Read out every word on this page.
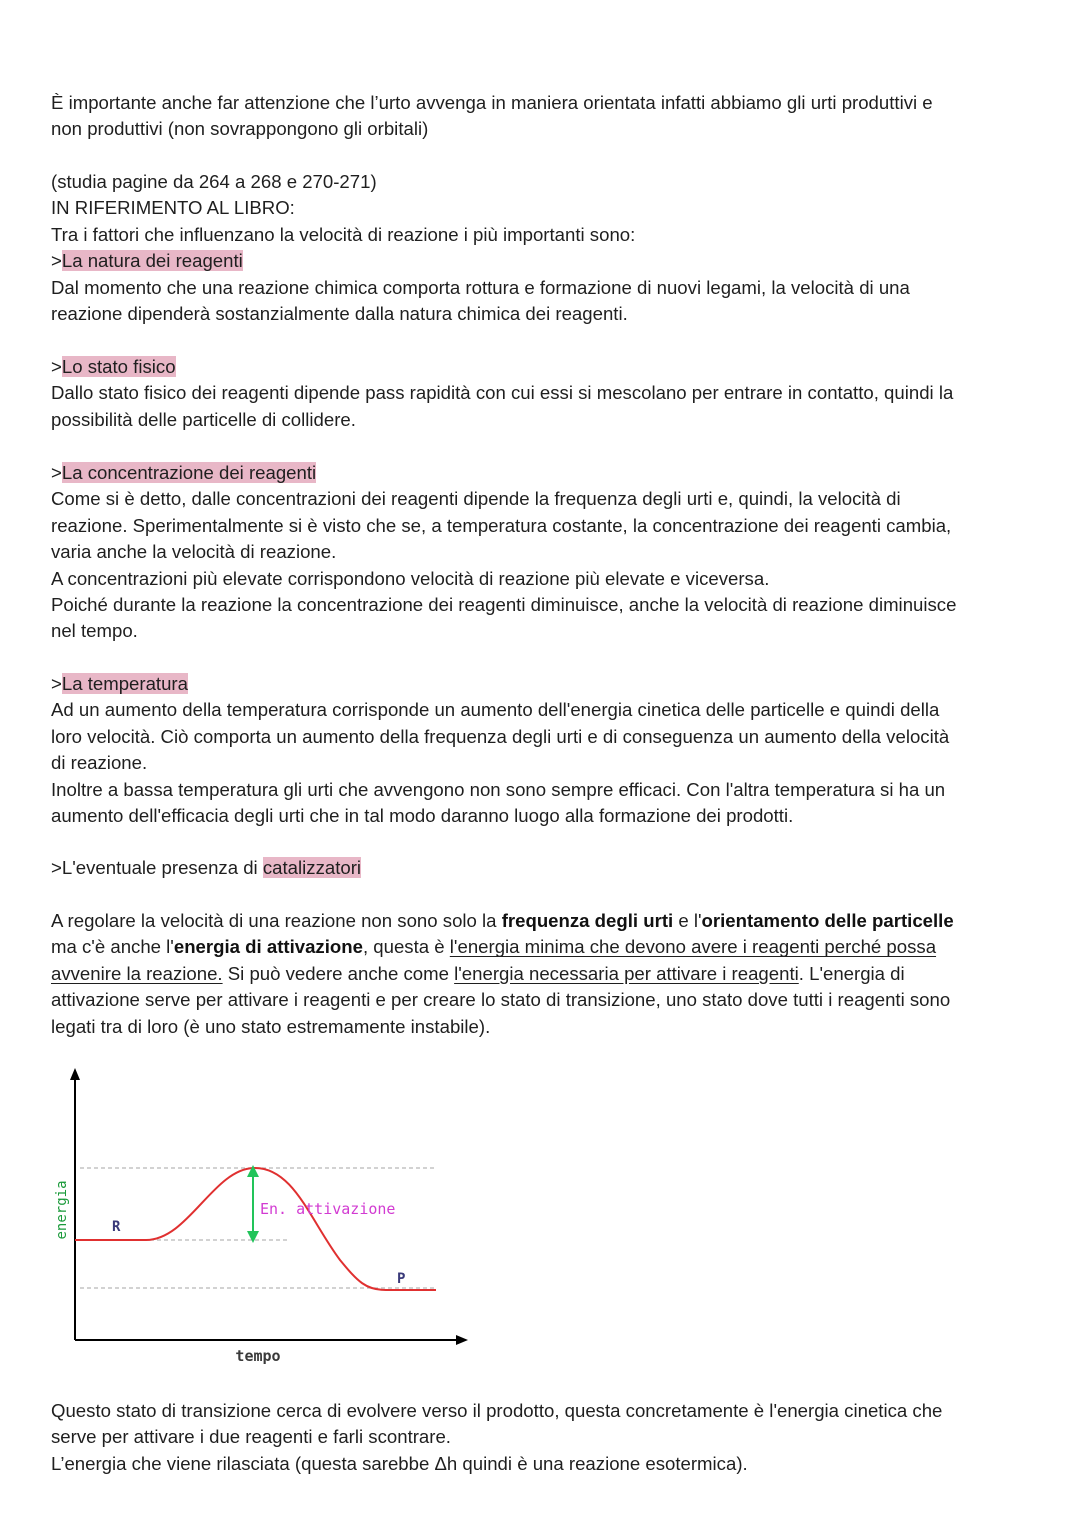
È importante anche far attenzione che l’urto avvenga in maniera orientata infatti abbiamo gli urti produttivi e

non produttivi (non sovrappongono gli orbitali)

(studia pagine da 264 a 268 e 270-271)

IN RIFERIMENTO AL LIBRO:

Tra i fattori che influenzano la velocità di reazione i più importanti sono:

>La natura dei reagenti

Dal momento che una reazione chimica comporta rottura e formazione di nuovi legami, la velocità di una

reazione dipenderà sostanzialmente dalla natura chimica dei reagenti.

>Lo stato fisico

Dallo stato fisico dei reagenti dipende pass rapidità con cui essi si mescolano per entrare in contatto, quindi la

possibilità delle particelle di collidere.

>La concentrazione dei reagenti

Come si è detto, dalle concentrazioni dei reagenti dipende la frequenza degli urti e, quindi, la velocità di

reazione. Sperimentalmente si è visto che se, a temperatura costante, la concentrazione dei reagenti cambia,

varia anche la velocità di reazione.

A concentrazioni più elevate corrispondono velocità di reazione più elevate e viceversa.

Poiché durante la reazione la concentrazione dei reagenti diminuisce, anche la velocità di reazione diminuisce

nel tempo.

>La temperatura

Ad un aumento della temperatura corrisponde un aumento dell'energia cinetica delle particelle e quindi della

loro velocità. Ciò comporta un aumento della frequenza degli urti e di conseguenza un aumento della velocità

di reazione.

Inoltre a bassa temperatura gli urti che avvengono non sono sempre efficaci. Con l'altra temperatura si ha un

aumento dell'efficacia degli urti che in tal modo daranno luogo alla formazione dei prodotti.

>L'eventuale presenza di catalizzatori

A regolare la velocità di una reazione non sono solo la frequenza degli urti e l'orientamento delle particelle

ma c'è anche l'energia di attivazione, questa è l'energia minima che devono avere i reagenti perché possa

avvenire la reazione. Si può vedere anche come l'energia necessaria per attivare i reagenti. L'energia di

attivazione serve per attivare i reagenti e per creare lo stato di transizione, uno stato dove tutti i reagenti sono

legati tra di loro (è uno stato estremamente instabile).

energia
tempo
R
P
En. attivazione

Questo stato di transizione cerca di evolvere verso il prodotto, questa concretamente è l'energia cinetica che

serve per attivare i due reagenti e farli scontrare.

L’energia che viene rilasciata (questa sarebbe Δh quindi è una reazione esotermica).
